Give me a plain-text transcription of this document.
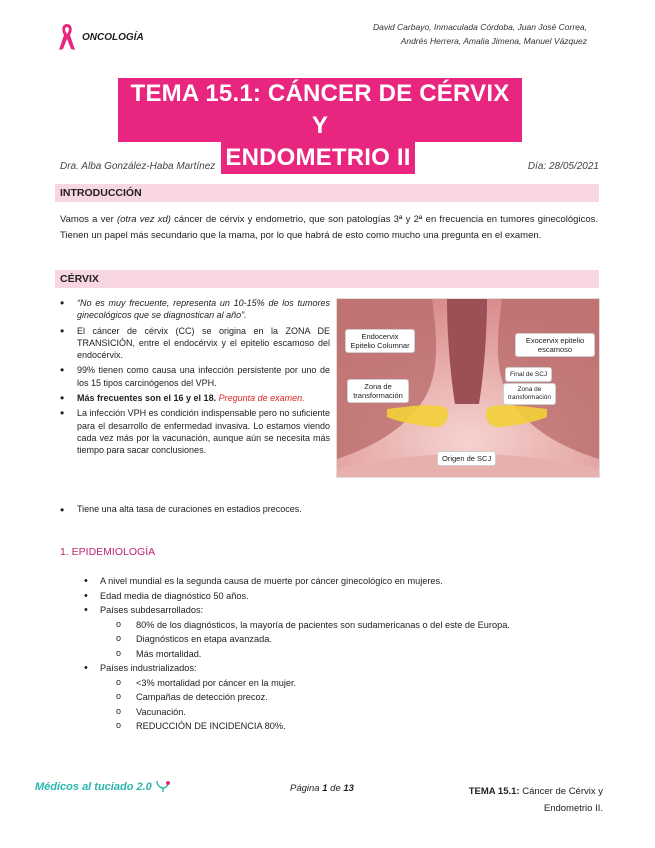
ONCOLOGÍA
David Carbayo, Inmaculada Córdoba, Juan José Correa,
Andrés Herrera, Amalia Jimena, Manuel Vázquez
TEMA 15.1: CÁNCER DE CÉRVIX Y
ENDOMETRIO II
Dra. Alba González-Haba Martínez	Día: 28/05/2021
INTRODUCCIÓN
Vamos a ver (otra vez xd) cáncer de cérvix y endometrio, que son patologías 3ª y 2ª en frecuencia en tumores ginecológicos. Tienen un papel más secundario que la mama, por lo que habrá de esto como mucho una pregunta en el examen.
CÉRVIX
• “No es muy frecuente, representa un 10-15% de los tumores ginecológicos que se diagnostican al año”.
• El cáncer de cérvix (CC) se origina en la ZONA DE TRANSICIÓN, entre el endocérvix y el epitelio escamoso del endocérvix.
• 99% tienen como causa una infección persistente por uno de los 15 tipos carcinógenos del VPH.
• Más frecuentes son el 16 y el 18. Pregunta de examen.
• La infección VPH es condición indispensable pero no suficiente para el desarrollo de enfermedad invasiva. Lo estamos viendo cada vez más por la vacunación, aunque aún se necesita más tiempo para sacar conclusiones.
• Tiene una alta tasa de curaciones en estadios precoces.
Endocervix
Epitelio Columnar
Exocervix epitelio
escamoso
Final de SCJ
Zona de
transformación
Zona de
transformación
Origen de SCJ
1. EPIDEMIOLOGÍA
• A nivel mundial es la segunda causa de muerte por cáncer ginecológico en mujeres.
• Edad media de diagnóstico 50 años.
• Países subdesarrollados:
o 80% de los diagnósticos, la mayoría de pacientes son sudamericanas o del este de Europa.
o Diagnósticos en etapa avanzada.
o Más mortalidad.
• Países industrializados:
o <3% mortalidad por cáncer en la mujer.
o Campañas de detección precoz.
o Vacunación.
o REDUCCIÓN DE INCIDENCIA 80%.
Médicos al tuciado 2.0	Página 1 de 13	TEMA 15.1: Cáncer de Cérvix y
Endometrio II.
